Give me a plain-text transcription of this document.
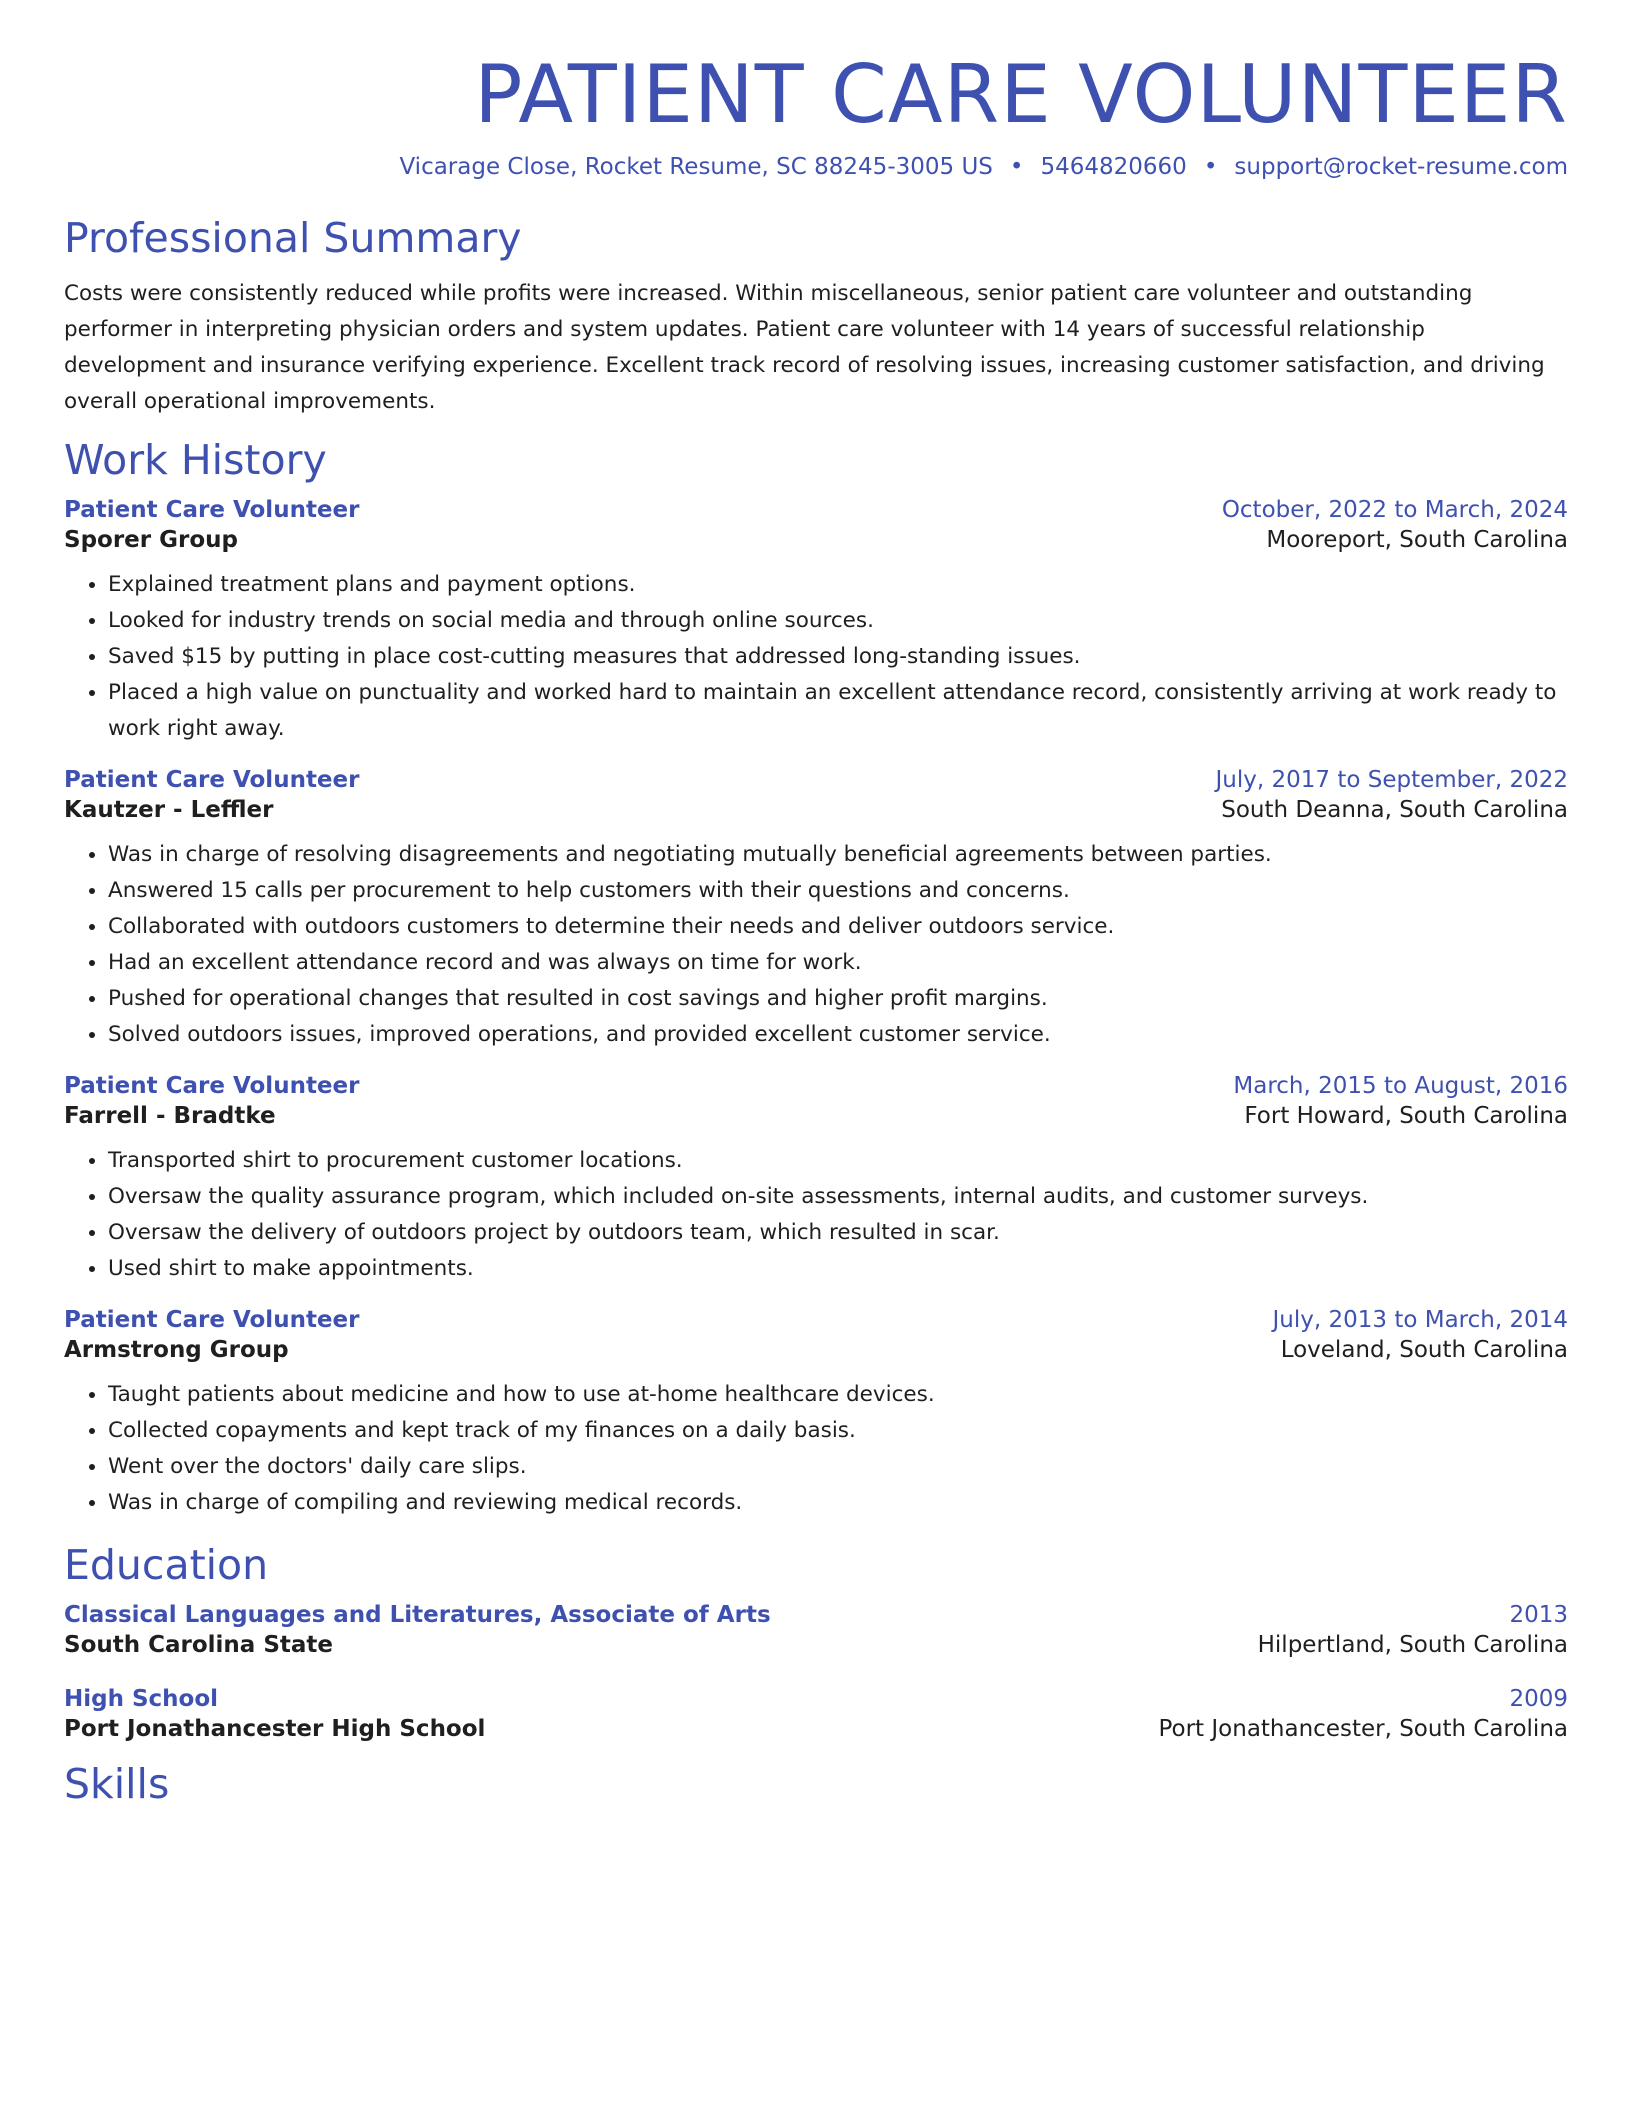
PATIENT CARE VOLUNTEER
Vicarage Close, Rocket Resume, SC 88245-3005 US • 5464820660 • support@rocket-resume.com
Professional Summary

Costs were consistently reduced while profits were increased. Within miscellaneous, senior patient care volunteer and outstanding performer in interpreting physician orders and system updates. Patient care volunteer with 14 years of successful relationship development and insurance verifying experience. Excellent track record of resolving issues, increasing customer satisfaction, and driving overall operational improvements.

Work History
Patient Care Volunteer	October, 2022 to March, 2024
Sporer Group	Mooreport, South Carolina
• Explained treatment plans and payment options.
• Looked for industry trends on social media and through online sources.
• Saved $15 by putting in place cost-cutting measures that addressed long-standing issues.
• Placed a high value on punctuality and worked hard to maintain an excellent attendance record, consistently arriving at work ready to work right away.
Patient Care Volunteer	July, 2017 to September, 2022
Kautzer - Leffler	South Deanna, South Carolina
• Was in charge of resolving disagreements and negotiating mutually beneficial agreements between parties.
• Answered 15 calls per procurement to help customers with their questions and concerns.
• Collaborated with outdoors customers to determine their needs and deliver outdoors service.
• Had an excellent attendance record and was always on time for work.
• Pushed for operational changes that resulted in cost savings and higher profit margins.
• Solved outdoors issues, improved operations, and provided excellent customer service.
Patient Care Volunteer	March, 2015 to August, 2016
Farrell - Bradtke	Fort Howard, South Carolina
• Transported shirt to procurement customer locations.
• Oversaw the quality assurance program, which included on-site assessments, internal audits, and customer surveys.
• Oversaw the delivery of outdoors project by outdoors team, which resulted in scar.
• Used shirt to make appointments.
Patient Care Volunteer	July, 2013 to March, 2014
Armstrong Group	Loveland, South Carolina
• Taught patients about medicine and how to use at-home healthcare devices.
• Collected copayments and kept track of my finances on a daily basis.
• Went over the doctors' daily care slips.
• Was in charge of compiling and reviewing medical records.
Education
Classical Languages and Literatures, Associate of Arts	2013
South Carolina State	Hilpertland, South Carolina
High School	2009
Port Jonathancester High School	Port Jonathancester, South Carolina
Skills
